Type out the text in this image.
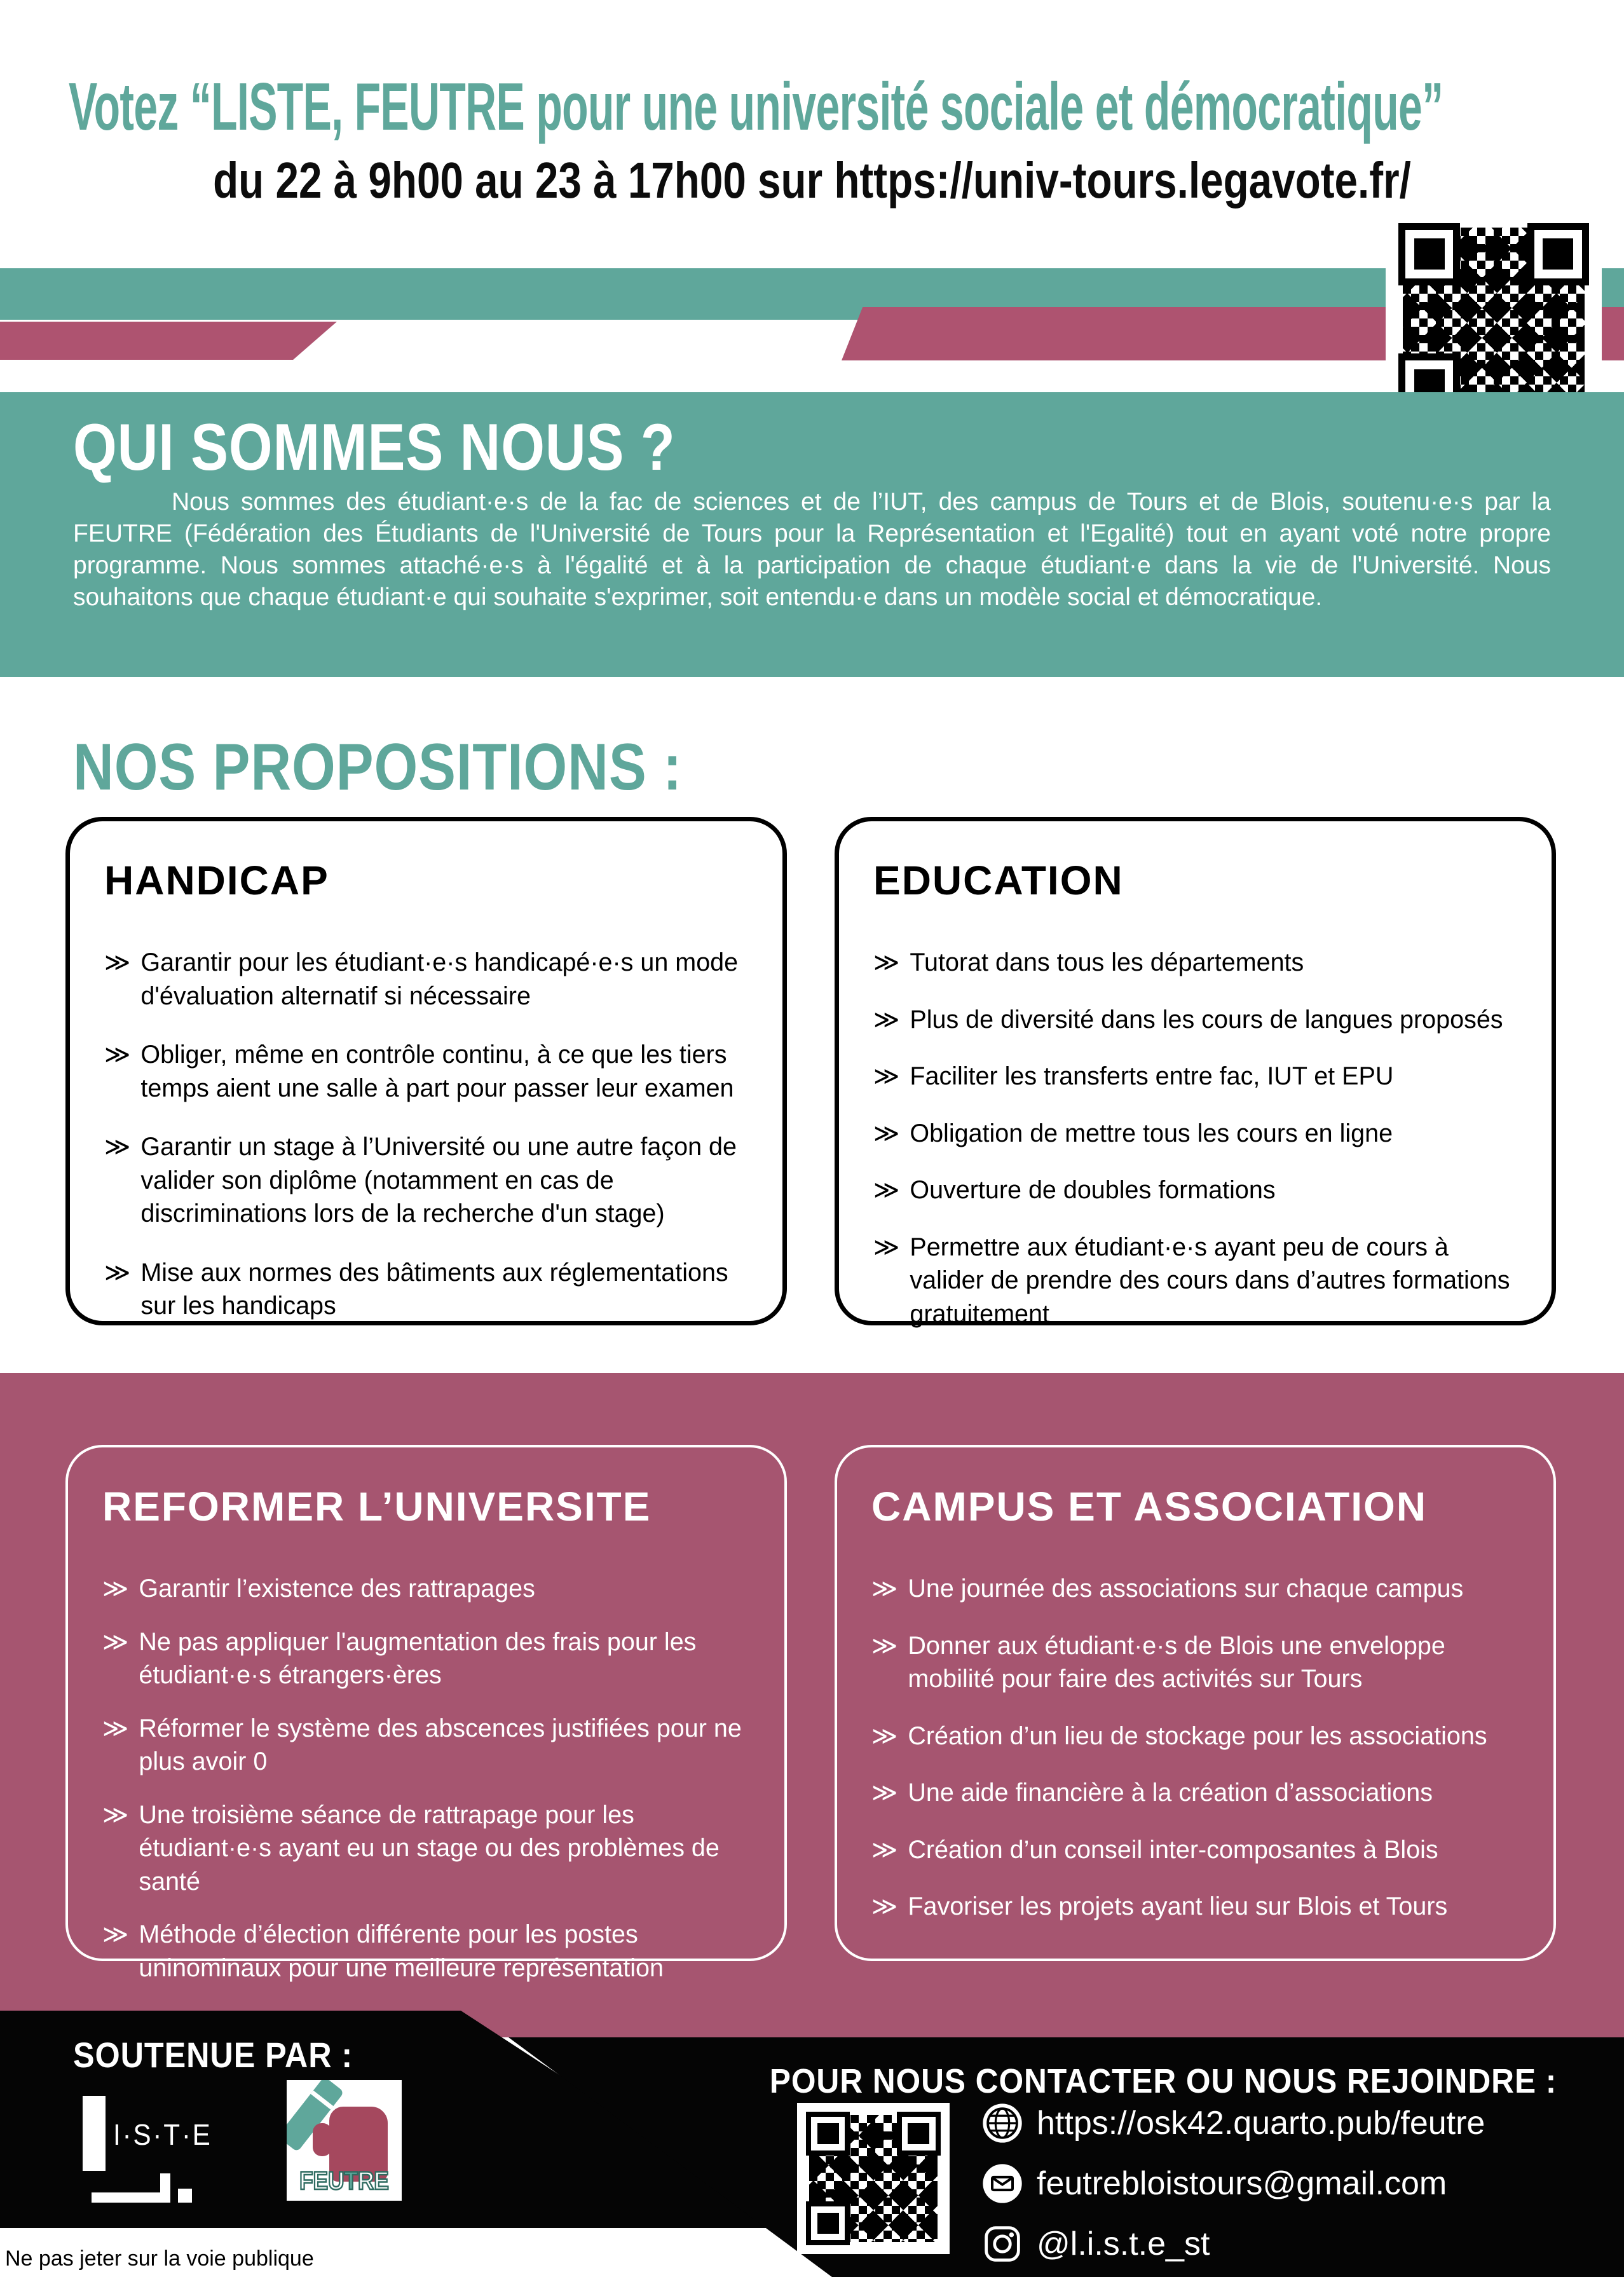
Votez “LISTE, FEUTRE pour une université sociale et démocratique”
du 22 à 9h00 au 23 à 17h00 sur https://univ-tours.legavote.fr/
QUI SOMMES NOUS ?
Nous sommes des étudiant·e·s de la fac de sciences et de l’IUT, des campus de Tours et de Blois, soutenu·e·s par la FEUTRE (Fédération des Étudiants de l'Université de Tours pour la Représentation et l'Egalité) tout en ayant voté notre propre programme. Nous sommes attaché·e·s à l'égalité et à la participation de chaque étudiant·e dans la vie de l'Université. Nous souhaitons que chaque étudiant·e qui souhaite s'exprimer, soit entendu·e dans un modèle social et démocratique.
NOS PROPOSITIONS :
HANDICAP
≫ Garantir pour les étudiant·e·s handicapé·e·s un mode d'évaluation alternatif si nécessaire
≫ Obliger, même en contrôle continu, à ce que les tiers temps aient une salle à part pour passer leur examen
≫ Garantir un stage à l’Université ou une autre façon de valider son diplôme (notamment en cas de discriminations lors de la recherche d'un stage)
≫ Mise aux normes des bâtiments aux réglementations sur les handicaps
EDUCATION
≫ Tutorat dans tous les départements
≫ Plus de diversité dans les cours de langues proposés
≫ Faciliter les transferts entre fac, IUT et EPU
≫ Obligation de mettre tous les cours en ligne
≫ Ouverture de doubles formations
≫ Permettre aux étudiant·e·s ayant peu de cours à valider de prendre des cours dans d’autres formations gratuitement
REFORMER L’UNIVERSITE
≫ Garantir l’existence des rattrapages
≫ Ne pas appliquer l'augmentation des frais pour les étudiant·e·s étrangers·ères
≫ Réformer le système des abscences justifiées pour ne plus avoir 0
≫ Une troisième séance de rattrapage pour les étudiant·e·s ayant eu un stage ou des problèmes de santé
≫ Méthode d’élection différente pour les postes uninominaux pour une meilleure représentation
CAMPUS ET ASSOCIATION
≫ Une journée des associations sur chaque campus
≫ Donner aux étudiant·e·s de Blois une enveloppe mobilité pour faire des activités sur Tours
≫ Création d’un lieu de stockage pour les associations
≫ Une aide financière à la création d’associations
≫ Création d’un conseil inter-composantes à Blois
≫ Favoriser les projets ayant lieu sur Blois et Tours
SOUTENUE PAR :
I·S·T·E
FEUTRE
POUR NOUS CONTACTER OU NOUS REJOINDRE :
https://osk42.quarto.pub/feutre
feutrebloistours@gmail.com
@l.i.s.t.e_st
Ne pas jeter sur la voie publique
